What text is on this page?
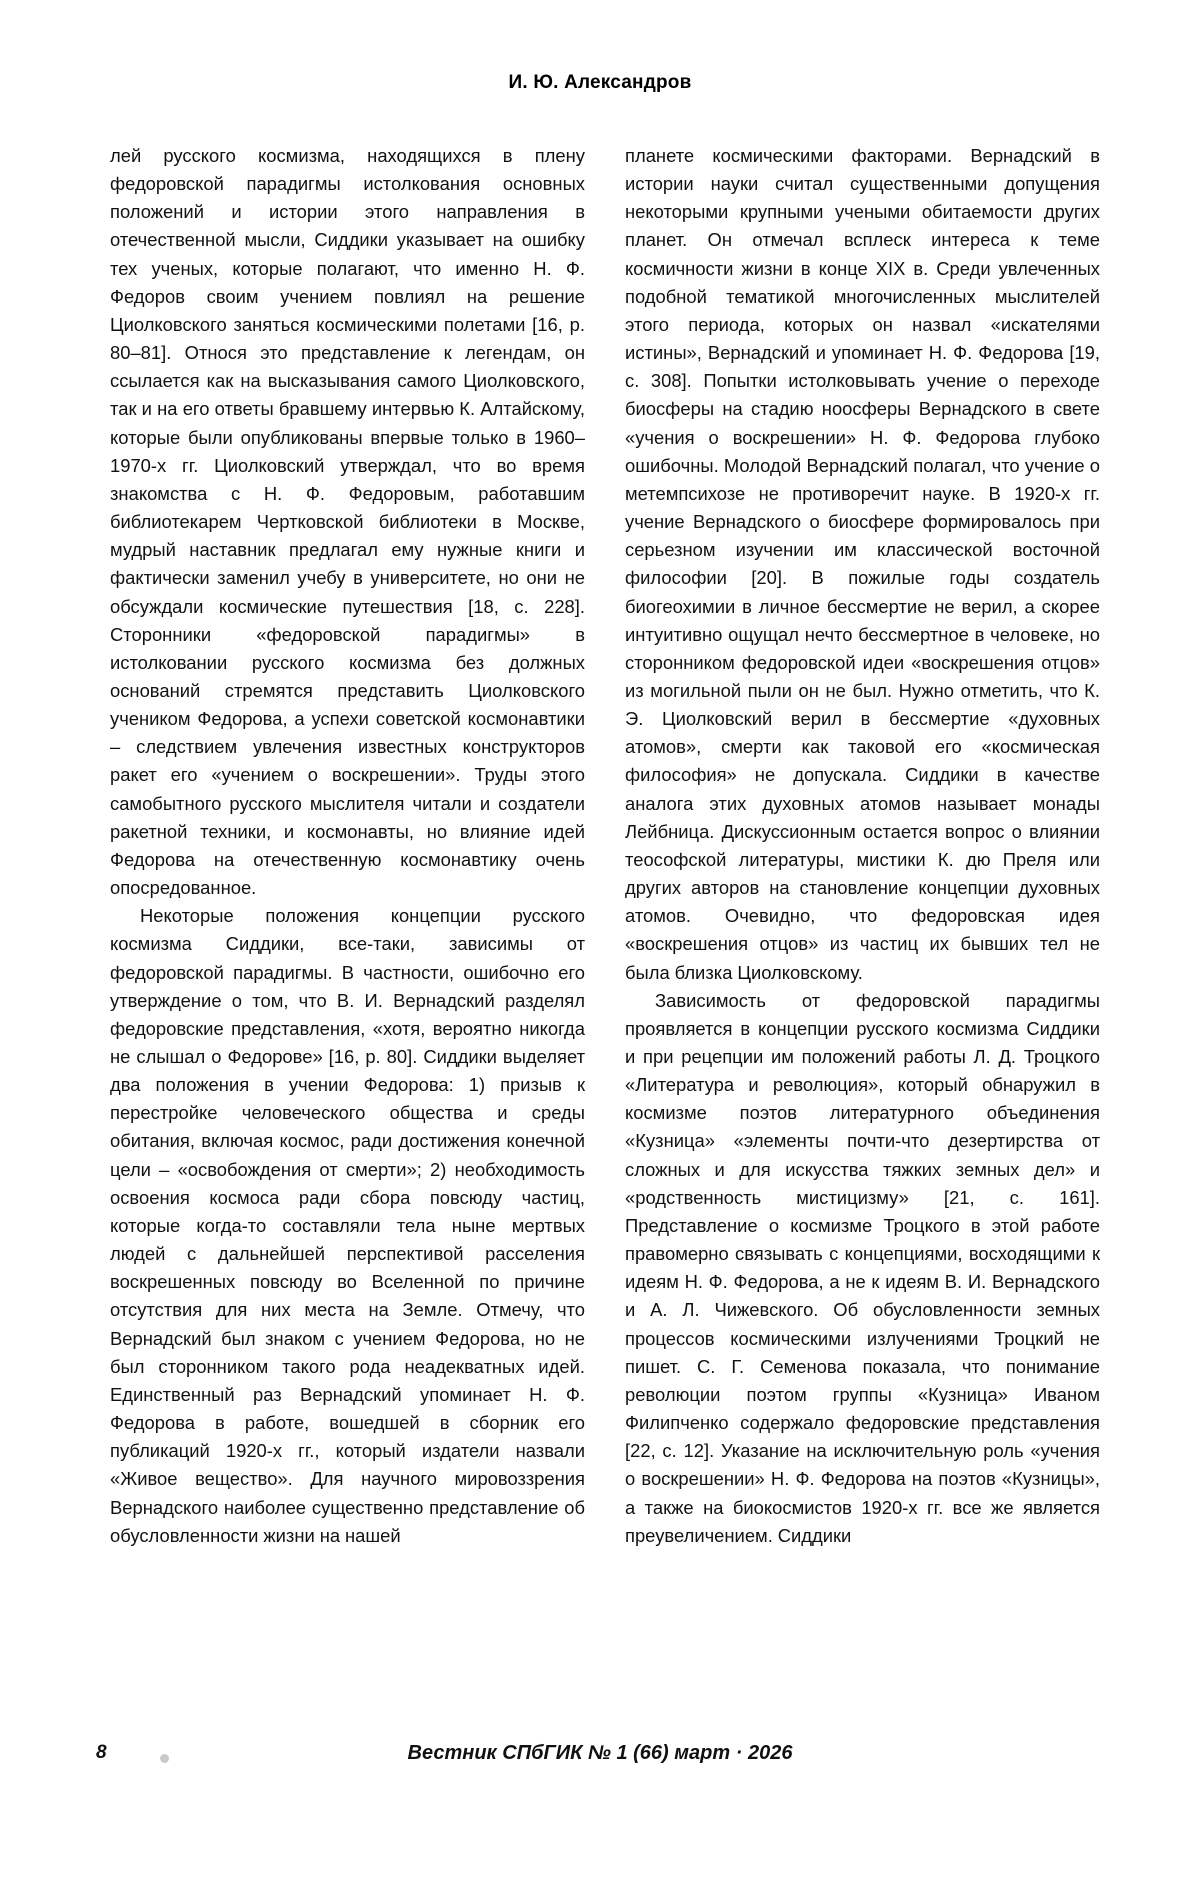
И. Ю. Александров

лей русского космизма, находящихся в плену федоровской парадигмы истолкования основных положений и истории этого направления в отечественной мысли, Сиддики указывает на ошибку тех ученых, которые полагают, что именно Н. Ф. Федоров своим учением повлиял на решение Циолковского заняться космическими полетами [16, p. 80–81]. Относя это представление к легендам, он ссылается как на высказывания самого Циолковского, так и на его ответы бравшему интервью К. Алтайскому, которые были опубликованы впервые только в 1960–1970-х гг. Циолковский утверждал, что во время знакомства с Н. Ф. Федоровым, работавшим библиотекарем Чертковской библиотеки в Москве, мудрый наставник предлагал ему нужные книги и фактически заменил учебу в университете, но они не обсуждали космические путешествия [18, с. 228]. Сторонники «федоровской парадигмы» в истолковании русского космизма без должных оснований стремятся представить Циолковского учеником Федорова, а успехи советской космонавтики – следствием увлечения известных конструкторов ракет его «учением о воскрешении». Труды этого самобытного русского мыслителя читали и создатели ракетной техники, и космонавты, но влияние идей Федорова на отечественную космонавтику очень опосредованное.

Некоторые положения концепции русского космизма Сиддики, все-таки, зависимы от федоровской парадигмы. В частности, ошибочно его утверждение о том, что В. И. Вернадский разделял федоровские представления, «хотя, вероятно никогда не слышал о Федорове» [16, p. 80]. Сиддики выделяет два положения в учении Федорова: 1) призыв к перестройке человеческого общества и среды обитания, включая космос, ради достижения конечной цели – «освобождения от смерти»; 2) необходимость освоения космоса ради сбора повсюду частиц, которые когда-то составляли тела ныне мертвых людей с дальнейшей перспективой расселения воскрешенных повсюду во Вселенной по причине отсутствия для них места на Земле. Отмечу, что Вернадский был знаком с учением Федорова, но не был сторонником такого рода неадекватных идей. Единственный раз Вернадский упоминает Н. Ф. Федорова в работе, вошедшей в сборник его публикаций 1920-х гг., который издатели назвали «Живое вещество». Для научного мировоззрения Вернадского наиболее существенно представление об обусловленности жизни на нашей

планете космическими факторами. Вернадский в истории науки считал существенными допущения некоторыми крупными учеными обитаемости других планет. Он отмечал всплеск интереса к теме космичности жизни в конце XIX в. Среди увлеченных подобной тематикой многочисленных мыслителей этого периода, которых он назвал «искателями истины», Вернадский и упоминает Н. Ф. Федорова [19, с. 308]. Попытки истолковывать учение о переходе биосферы на стадию ноосферы Вернадского в свете «учения о воскрешении» Н. Ф. Федорова глубоко ошибочны. Молодой Вернадский полагал, что учение о метемпсихозе не противоречит науке. В 1920-х гг. учение Вернадского о биосфере формировалось при серьезном изучении им классической восточной философии [20]. В пожилые годы создатель биогеохимии в личное бессмертие не верил, а скорее интуитивно ощущал нечто бессмертное в человеке, но сторонником федоровской идеи «воскрешения отцов» из могильной пыли он не был. Нужно отметить, что К. Э. Циолковский верил в бессмертие «духовных атомов», смерти как таковой его «космическая философия» не допускала. Сиддики в качестве аналога этих духовных атомов называет монады Лейбница. Дискуссионным остается вопрос о влиянии теософской литературы, мистики К. дю Преля или других авторов на становление концепции духовных атомов. Очевидно, что федоровская идея «воскрешения отцов» из частиц их бывших тел не была близка Циолковскому.

Зависимость от федоровской парадигмы проявляется в концепции русского космизма Сиддики и при рецепции им положений работы Л. Д. Троцкого «Литература и революция», который обнаружил в космизме поэтов литературного объединения «Кузница» «элементы почти-что дезертирства от сложных и для искусства тяжких земных дел» и «родственность мистицизму» [21, с. 161]. Представление о космизме Троцкого в этой работе правомерно связывать с концепциями, восходящими к идеям Н. Ф. Федорова, а не к идеям В. И. Вернадского и А. Л. Чижевского. Об обусловленности земных процессов космическими излучениями Троцкий не пишет. С. Г. Семенова показала, что понимание революции поэтом группы «Кузница» Иваном Филипченко содержало федоровские представления [22, с. 12]. Указание на исключительную роль «учения о воскрешении» Н. Ф. Федорова на поэтов «Кузницы», а также на биокосмистов 1920-х гг. все же является преувеличением. Сиддики

8	Вестник СПбГИК № 1 (66) март · 2026
